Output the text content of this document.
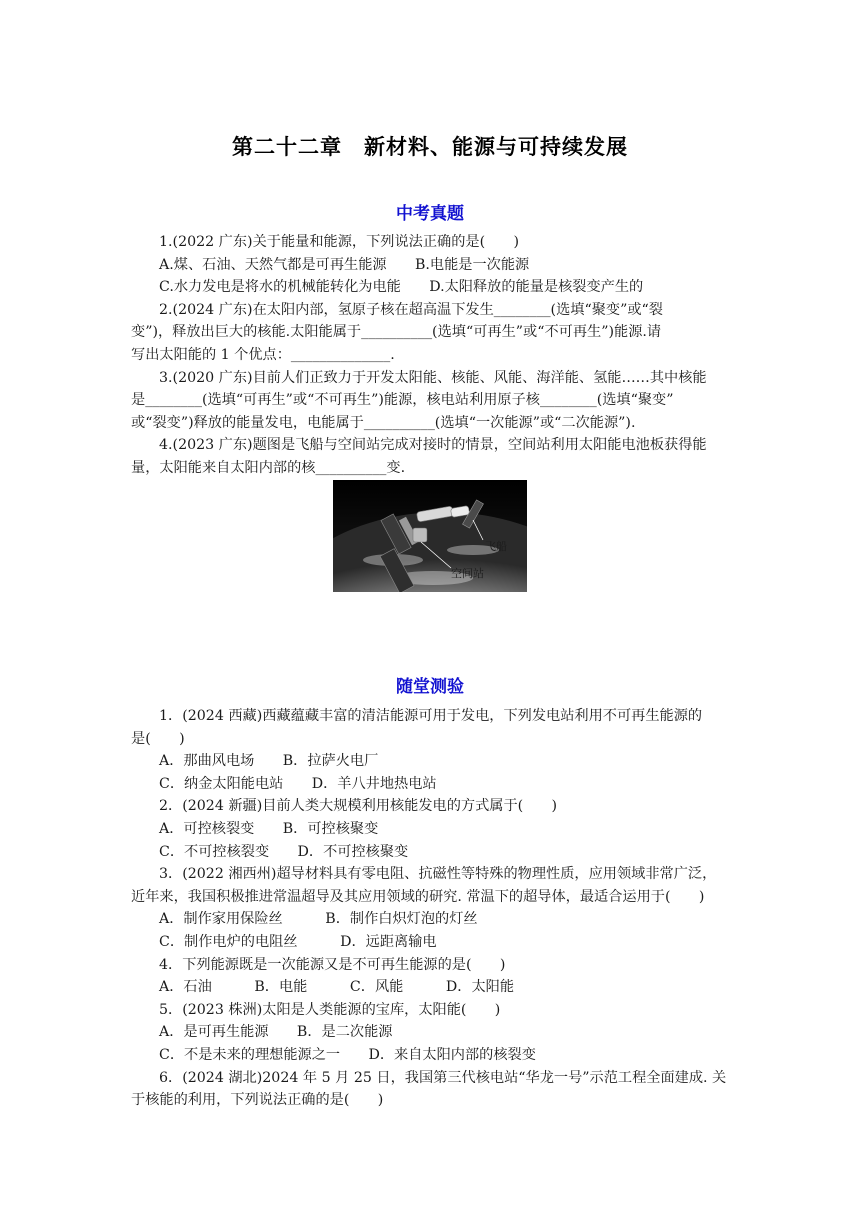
第二十二章　新材料、能源与可持续发展
中考真题
1.(2022 广东)关于能量和能源，下列说法正确的是(　　)
A.煤、石油、天然气都是可再生能源　　B.电能是一次能源
C.水力发电是将水的机械能转化为电能　　D.太阳释放的能量是核裂变产生的
2.(2024 广东)在太阳内部，氢原子核在超高温下发生________(选填“聚变”或“裂
变”)，释放出巨大的核能.太阳能属于__________(选填“可再生”或“不可再生”)能源.请
写出太阳能的 1 个优点：______________.
3.(2020 广东)目前人们正致力于开发太阳能、核能、风能、海洋能、氢能……其中核能
是________(选填“可再生”或“不可再生”)能源，核电站利用原子核________(选填“聚变”
或“裂变”)释放的能量发电，电能属于__________(选填“一次能源”或“二次能源”).
4.(2023 广东)题图是飞船与空间站完成对接时的情景，空间站利用太阳能电池板获得能
量，太阳能来自太阳内部的核__________变.
飞船
空间站
随堂测验
1．(2024 西藏)西藏蕴藏丰富的清洁能源可用于发电，下列发电站利用不可再生能源的
是(　　)
A．那曲风电场　　B．拉萨火电厂
C．纳金太阳能电站　　D．羊八井地热电站
2．(2024 新疆)目前人类大规模利用核能发电的方式属于(　　)
A．可控核裂变　　B．可控核聚变
C．不可控核裂变　　D．不可控核聚变
3．(2022 湘西州)超导材料具有零电阻、抗磁性等特殊的物理性质，应用领域非常广泛，
近年来，我国积极推进常温超导及其应用领域的研究. 常温下的超导体，最适合运用于(　　)
A．制作家用保险丝　　　B．制作白炽灯泡的灯丝
C．制作电炉的电阻丝　　　D．远距离输电
4．下列能源既是一次能源又是不可再生能源的是(　　)
A．石油　　　B．电能　　　C．风能　　　D．太阳能
5．(2023 株洲)太阳是人类能源的宝库，太阳能(　　)
A．是可再生能源　　B．是二次能源
C．不是未来的理想能源之一　　D．来自太阳内部的核裂变
6．(2024 湖北)2024 年 5 月 25 日，我国第三代核电站“华龙一号”示范工程全面建成. 关
于核能的利用，下列说法正确的是(　　)
